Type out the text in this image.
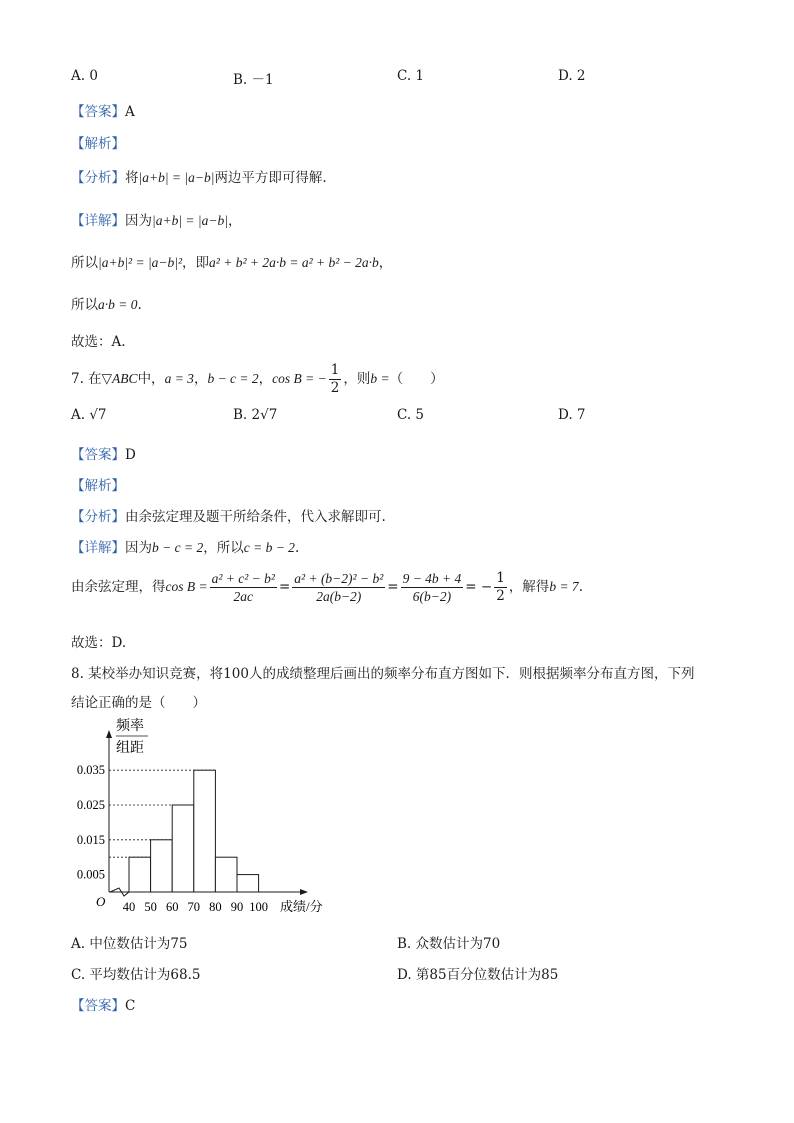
A. 0	B. －1	C. 1	D. 2
【答案】A
【解析】
【分析】将|a+b| = |a−b|两边平方即可得解.
【详解】因为|a+b| = |a−b|，
所以|a+b|² = |a−b|²，即a² + b² + 2a·b = a² + b² − 2a·b，
所以a·b = 0.
故选：A.
7. 在▽ABC中，a = 3，b − c = 2，cos B = − $\frac{1}{2}$ ，则b =（　　）
A. √7	B. 2√7	C. 5	D. 7
【答案】D
【解析】
【分析】由余弦定理及题干所给条件，代入求解即可.
【详解】因为b − c = 2，所以c = b − 2.
由余弦定理，得$\cos B = \frac{\text{a² + c² − b²}}{2ac} = \frac{\text{a² + (b−2)² − b²}}{2a(b-2)} = \frac{9 - 4b + 4}{6(b-2)}$ = − $\frac{1}{2}$ ，解得b = 7.
故选：D.
8. 某校举办知识竞赛，将100人的成绩整理后画出的频率分布直方图如下．则根据频率分布直方图，下列
结论正确的是（　　）
频率
组距
O	成绩/分
0.005
0.015
0.025
0.035
40 50 60 70 80 90 100
A. 中位数估计为75	B. 众数估计为70
C. 平均数估计为68.5	D. 第85百分位数估计为85
【答案】C
